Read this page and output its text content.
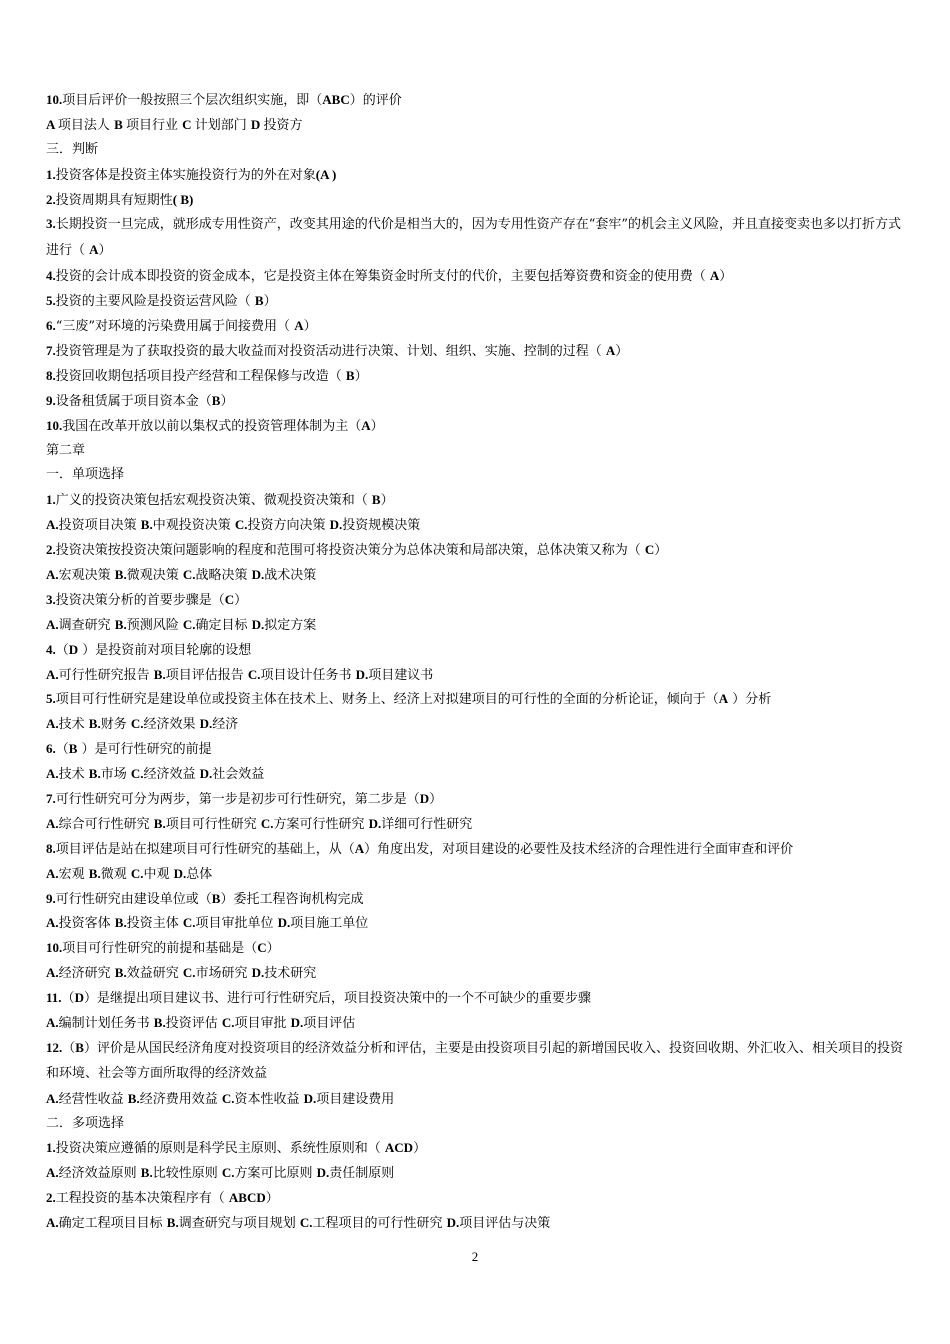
10.项目后评价一般按照三个层次组织实施，即（ABC）的评价
A 项目法人 B 项目行业 C 计划部门 D 投资方
三．判断
1.投资客体是投资主体实施投资行为的外在对象(A )
2.投资周期具有短期性( B)
3.长期投资一旦完成，就形成专用性资产，改变其用途的代价是相当大的，因为专用性资产存在“套牢”的机会主义风险，并且直接变卖也多以打折方式进行（ A）
4.投资的会计成本即投资的资金成本，它是投资主体在筹集资金时所支付的代价，主要包括筹资费和资金的使用费（ A）
5.投资的主要风险是投资运营风险（ B）
6.“三废”对环境的污染费用属于间接费用（ A）
7.投资管理是为了获取投资的最大收益而对投资活动进行决策、计划、组织、实施、控制的过程（ A）
8.投资回收期包括项目投产经营和工程保修与改造（ B）
9.设备租赁属于项目资本金（B）
10.我国在改革开放以前以集权式的投资管理体制为主（A）
第二章
一．单项选择
1.广义的投资决策包括宏观投资决策、微观投资决策和（ B）
A.投资项目决策 B.中观投资决策 C.投资方向决策 D.投资规模决策
2.投资决策按投资决策问题影响的程度和范围可将投资决策分为总体决策和局部决策，总体决策又称为（ C）
A.宏观决策 B.微观决策 C.战略决策 D.战术决策
3.投资决策分析的首要步骤是（C）
A.调查研究 B.预测风险 C.确定目标 D.拟定方案
4.（D ）是投资前对项目轮廓的设想
A.可行性研究报告 B.项目评估报告 C.项目设计任务书 D.项目建议书
5.项目可行性研究是建设单位或投资主体在技术上、财务上、经济上对拟建项目的可行性的全面的分析论证，倾向于（A ）分析
A.技术 B.财务 C.经济效果 D.经济
6.（B ）是可行性研究的前提
A.技术 B.市场 C.经济效益 D.社会效益
7.可行性研究可分为两步，第一步是初步可行性研究，第二步是（D）
A.综合可行性研究 B.项目可行性研究 C.方案可行性研究 D.详细可行性研究
8.项目评估是站在拟建项目可行性研究的基础上，从（A）角度出发，对项目建设的必要性及技术经济的合理性进行全面审查和评价
A.宏观 B.微观 C.中观 D.总体
9.可行性研究由建设单位或（B）委托工程咨询机构完成
A.投资客体 B.投资主体 C.项目审批单位 D.项目施工单位
10.项目可行性研究的前提和基础是（C）
A.经济研究 B.效益研究 C.市场研究 D.技术研究
11.（D）是继提出项目建议书、进行可行性研究后，项目投资决策中的一个不可缺少的重要步骤
A.编制计划任务书 B.投资评估 C.项目审批 D.项目评估
12.（B）评价是从国民经济角度对投资项目的经济效益分析和评估，主要是由投资项目引起的新增国民收入、投资回收期、外汇收入、相关项目的投资和环境、社会等方面所取得的经济效益
A.经营性收益 B.经济费用效益 C.资本性收益 D.项目建设费用
二．多项选择
1.投资决策应遵循的原则是科学民主原则、系统性原则和（ ACD）
A.经济效益原则 B.比较性原则 C.方案可比原则 D.责任制原则
2.工程投资的基本决策程序有（ ABCD）
A.确定工程项目目标 B.调查研究与项目规划 C.工程项目的可行性研究 D.项目评估与决策
2
